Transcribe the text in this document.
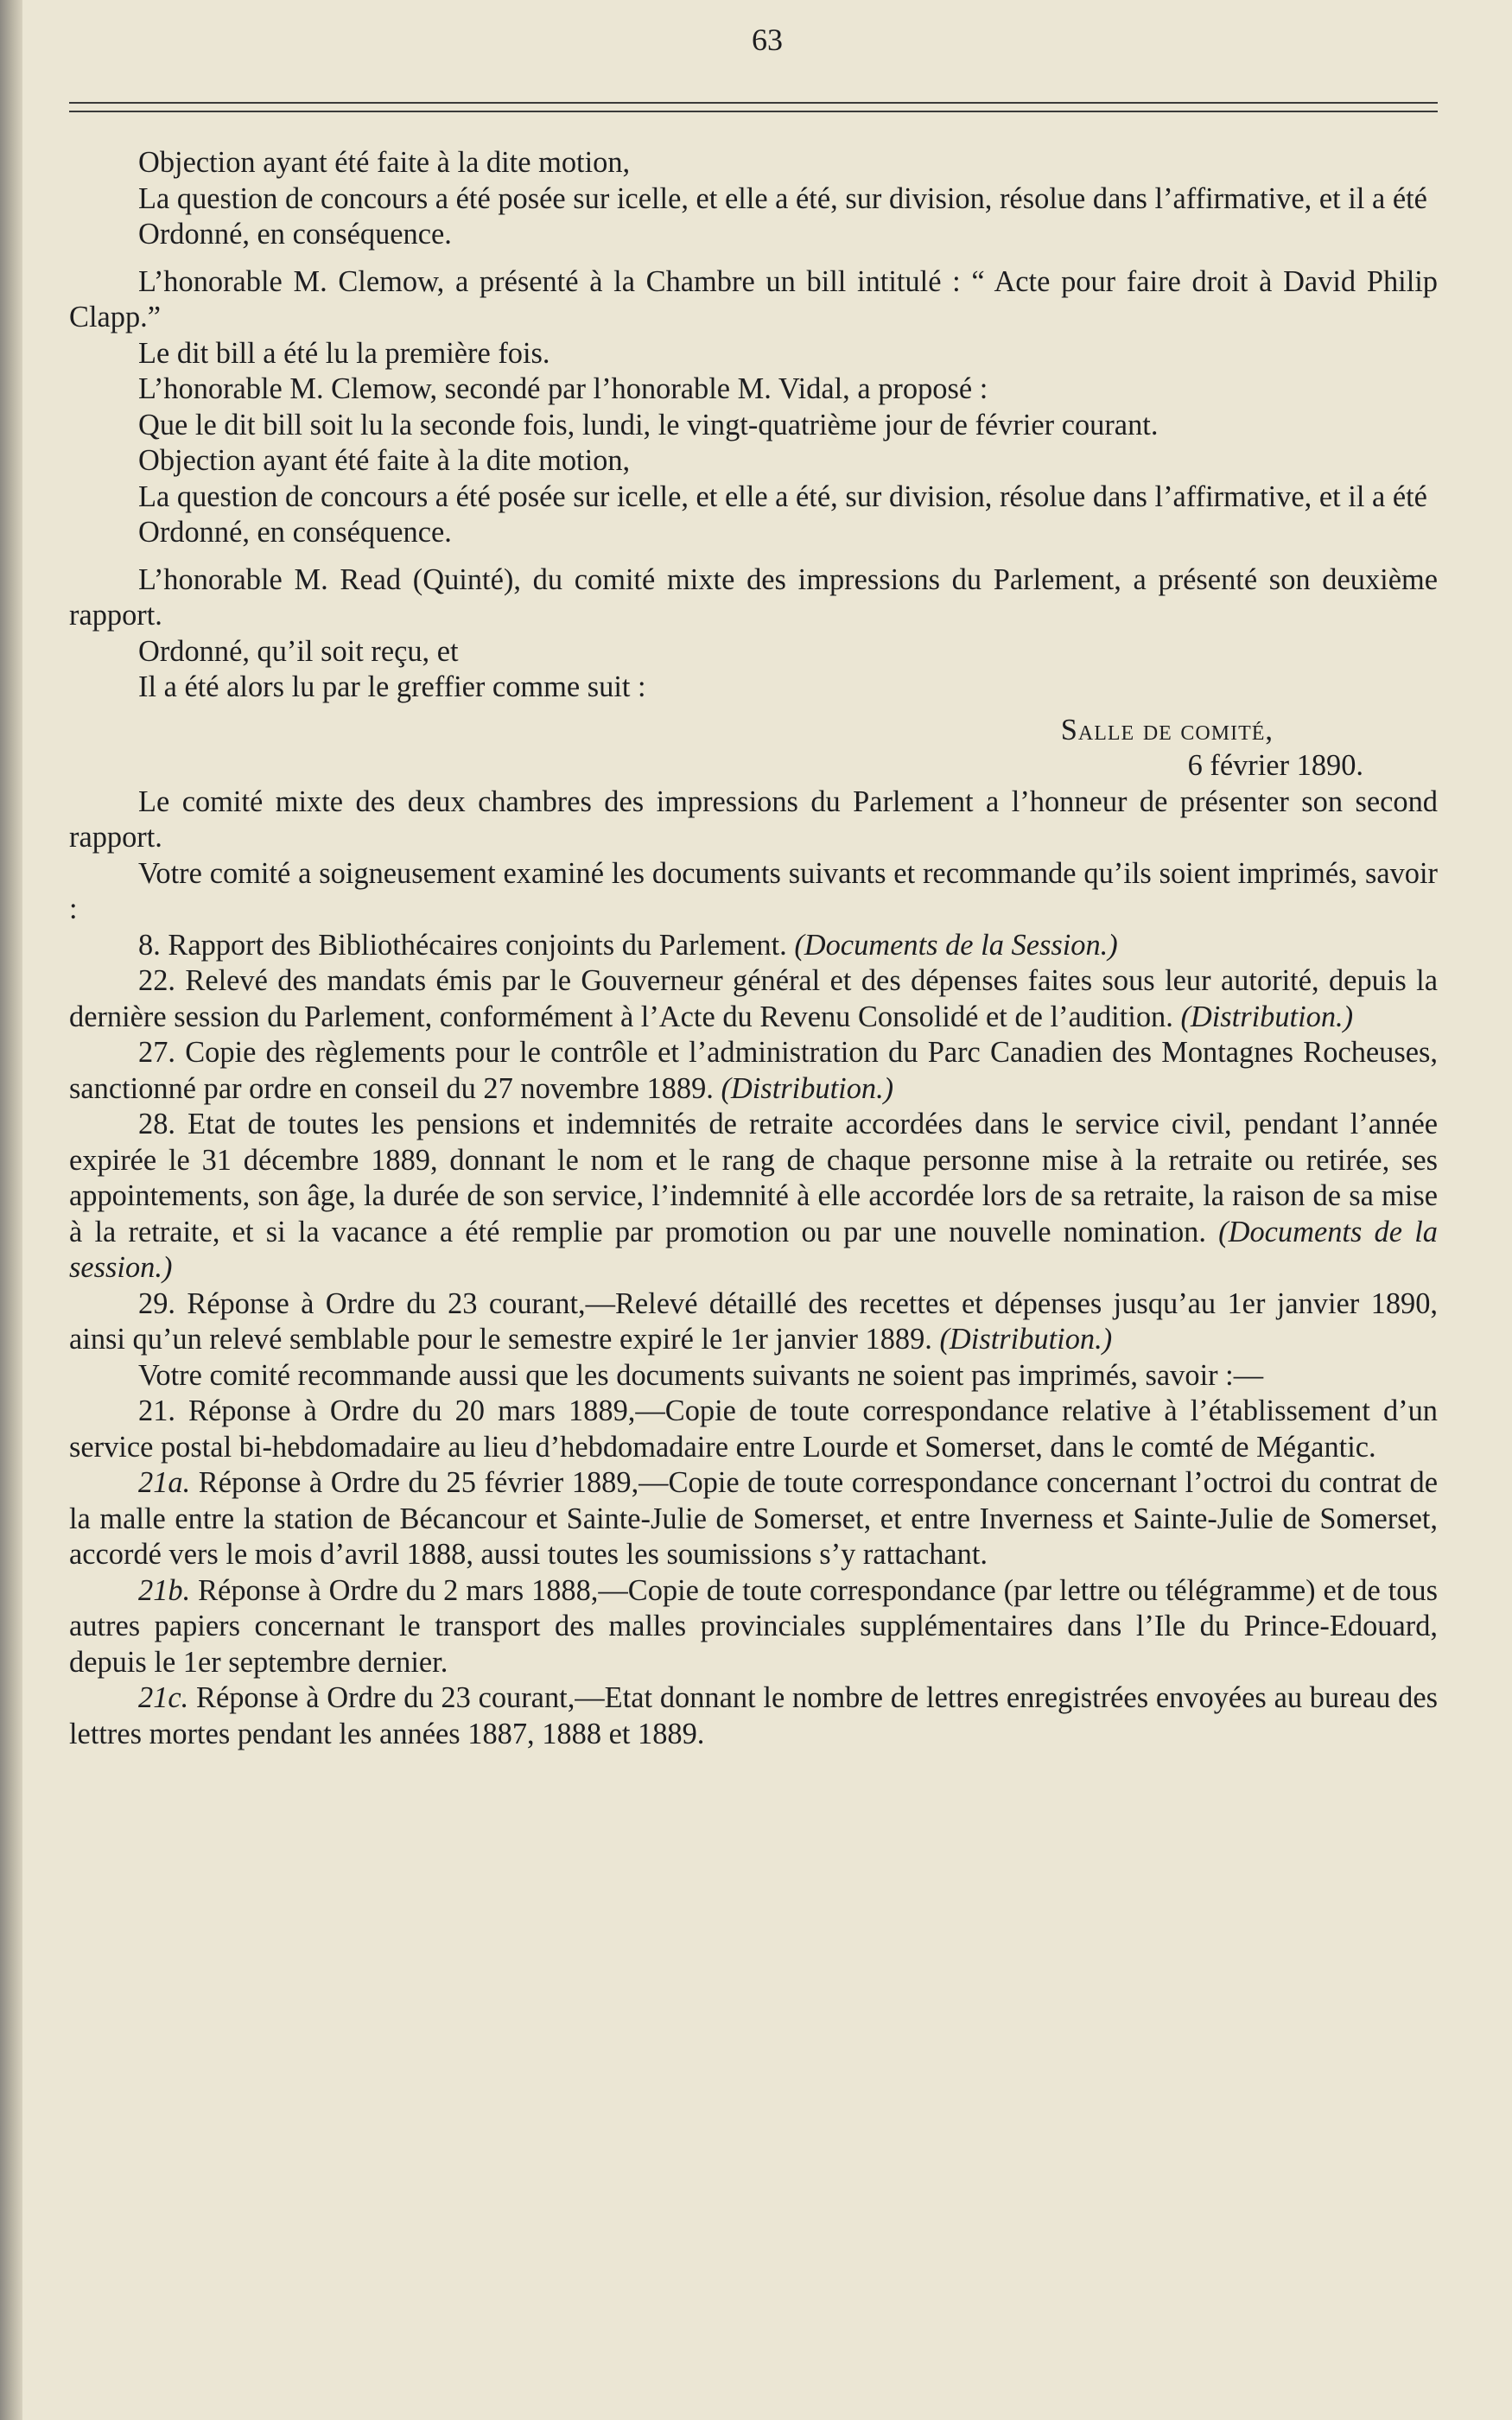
63

Objection ayant été faite à la dite motion,

La question de concours a été posée sur icelle, et elle a été, sur division, résolue dans l’affirmative, et il a été

Ordonné, en conséquence.

L’honorable M. Clemow, a présenté à la Chambre un bill intitulé : “ Acte pour faire droit à David Philip Clapp.”

Le dit bill a été lu la première fois.

L’honorable M. Clemow, secondé par l’honorable M. Vidal, a proposé :

Que le dit bill soit lu la seconde fois, lundi, le vingt-quatrième jour de février courant.

Objection ayant été faite à la dite motion,

La question de concours a été posée sur icelle, et elle a été, sur division, résolue dans l’affirmative, et il a été

Ordonné, en conséquence.

L’honorable M. Read (Quinté), du comité mixte des impressions du Parlement, a présenté son deuxième rapport.

Ordonné, qu’il soit reçu, et

Il a été alors lu par le greffier comme suit :

Salle de comité,

6 février 1890.

Le comité mixte des deux chambres des impressions du Parlement a l’honneur de présenter son second rapport.

Votre comité a soigneusement examiné les documents suivants et recommande qu’ils soient imprimés, savoir :

8. Rapport des Bibliothécaires conjoints du Parlement. (Documents de la Session.)

22. Relevé des mandats émis par le Gouverneur général et des dépenses faites sous leur autorité, depuis la dernière session du Parlement, conformément à l’Acte du Revenu Consolidé et de l’audition. (Distribution.)

27. Copie des règlements pour le contrôle et l’administration du Parc Canadien des Montagnes Rocheuses, sanctionné par ordre en conseil du 27 novembre 1889. (Distribution.)

28. Etat de toutes les pensions et indemnités de retraite accordées dans le service civil, pendant l’année expirée le 31 décembre 1889, donnant le nom et le rang de chaque personne mise à la retraite ou retirée, ses appointements, son âge, la durée de son service, l’indemnité à elle accordée lors de sa retraite, la raison de sa mise à la retraite, et si la vacance a été remplie par promotion ou par une nouvelle nomination. (Documents de la session.)

29. Réponse à Ordre du 23 courant,—Relevé détaillé des recettes et dépenses jusqu’au 1er janvier 1890, ainsi qu’un relevé semblable pour le semestre expiré le 1er janvier 1889. (Distribution.)

Votre comité recommande aussi que les documents suivants ne soient pas imprimés, savoir :—

21. Réponse à Ordre du 20 mars 1889,—Copie de toute correspondance relative à l’établissement d’un service postal bi-hebdomadaire au lieu d’hebdomadaire entre Lourde et Somerset, dans le comté de Mégantic.

21a. Réponse à Ordre du 25 février 1889,—Copie de toute correspondance concernant l’octroi du contrat de la malle entre la station de Bécancour et Sainte-Julie de Somerset, et entre Inverness et Sainte-Julie de Somerset, accordé vers le mois d’avril 1888, aussi toutes les soumissions s’y rattachant.

21b. Réponse à Ordre du 2 mars 1888,—Copie de toute correspondance (par lettre ou télégramme) et de tous autres papiers concernant le transport des malles provinciales supplémentaires dans l’Ile du Prince-Edouard, depuis le 1er septembre dernier.

21c. Réponse à Ordre du 23 courant,—Etat donnant le nombre de lettres enregistrées envoyées au bureau des lettres mortes pendant les années 1887, 1888 et 1889.
